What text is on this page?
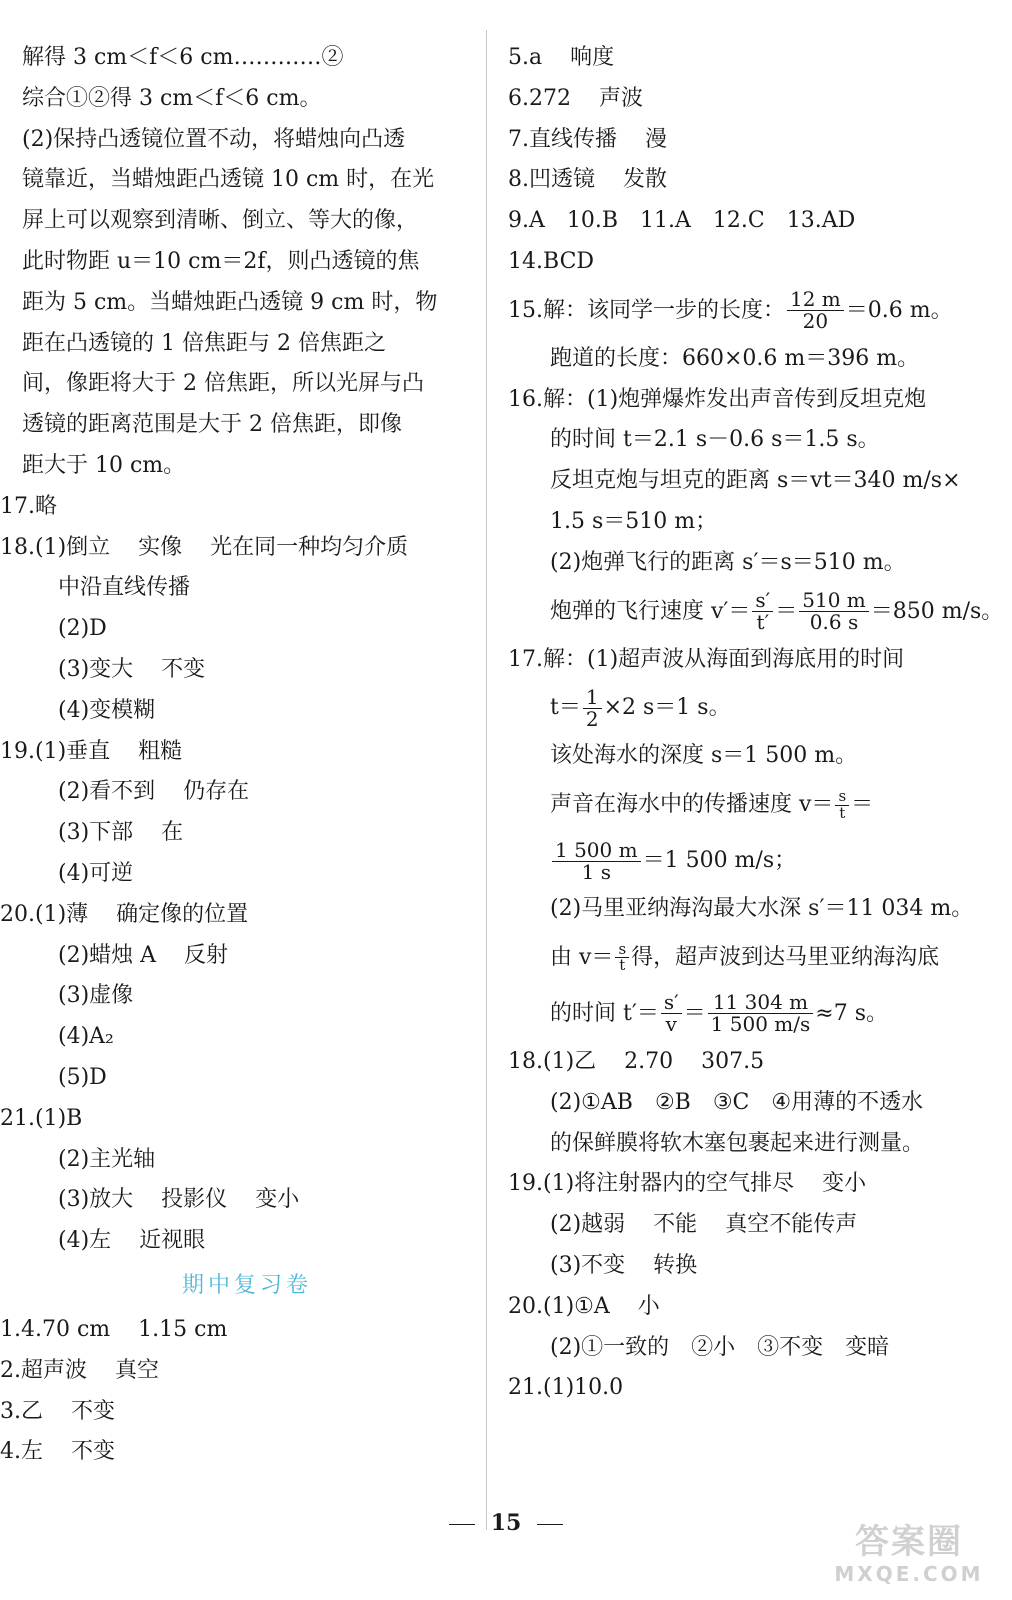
解得 3 cm＜f＜6 cm…………②
综合①②得 3 cm＜f＜6 cm。
(2)保持凸透镜位置不动，将蜡烛向凸透
镜靠近，当蜡烛距凸透镜 10 cm 时，在光
屏上可以观察到清晰、倒立、等大的像，
此时物距 u＝10 cm＝2f，则凸透镜的焦
距为 5 cm。当蜡烛距凸透镜 9 cm 时，物
距在凸透镜的 1 倍焦距与 2 倍焦距之
间，像距将大于 2 倍焦距，所以光屏与凸
透镜的距离范围是大于 2 倍焦距，即像
距大于 10 cm。
17.略
18.(1)倒立 实像 光在同一种均匀介质
中沿直线传播
(2)D
(3)变大 不变
(4)变模糊
19.(1)垂直 粗糙
(2)看不到 仍存在
(3)下部 在
(4)可逆
20.(1)薄 确定像的位置
(2)蜡烛 A 反射
(3)虚像
(4)A₂
(5)D
21.(1)B
(2)主光轴
(3)放大 投影仪 变小
(4)左 近视眼
期中复习卷
1.4.70 cm 1.15 cm
2.超声波 真空
3.乙 不变
4.左 不变
5.a 响度
6.272 声波
7.直线传播 漫
8.凹透镜 发散
9.A　10.B　11.A　12.C　13.AD
14.BCD
15.解：该同学一步的长度： $\frac{12 m}{20} =0.6$ m。
跑道的长度：660×0.6 m＝396 m。
16.解：(1)炮弹爆炸发出声音传到反坦克炮
的时间 t＝2.1 s－0.6 s＝1.5 s。
反坦克炮与坦克的距离 s＝vt＝340 m/s×
1.5 s＝510 m；
(2)炮弹飞行的距离 s′＝s＝510 m。
炮弹的飞行速度 $v'= \frac{s'}{t'} = \frac{510 m}{0.6 s} =850$ m/s。
17.解：(1)超声波从海面到海底用的时间
$t= \frac{1}{2} \times 2$ s＝1 s。
该处海水的深度 s＝1 500 m。
声音在海水中的传播速度 $v= \frac{s}{t}$ ＝
$\frac{1 500 m}{1 s} =1$ 500 m/s；
(2)马里亚纳海沟最大水深 s′＝11 034 m。
由 $v= \frac{s}{t}$ 得，超声波到达马里亚纳海沟底
的时间 $t'= \frac{s'}{v} = \frac{11 304 m}{1 500 m/s} \approx 7$ s。
18.(1)乙 2.70 307.5
(2)①AB　②B　③C　④用薄的不透水
的保鲜膜将软木塞包裹起来进行测量。
19.(1)将注射器内的空气排尽 变小
(2)越弱 不能 真空不能传声
(3)不变 转换
20.(1)①A 小
(2)①一致的　②小　③不变　变暗
21.(1)10.0
15	答案圈
MXQE.COM
